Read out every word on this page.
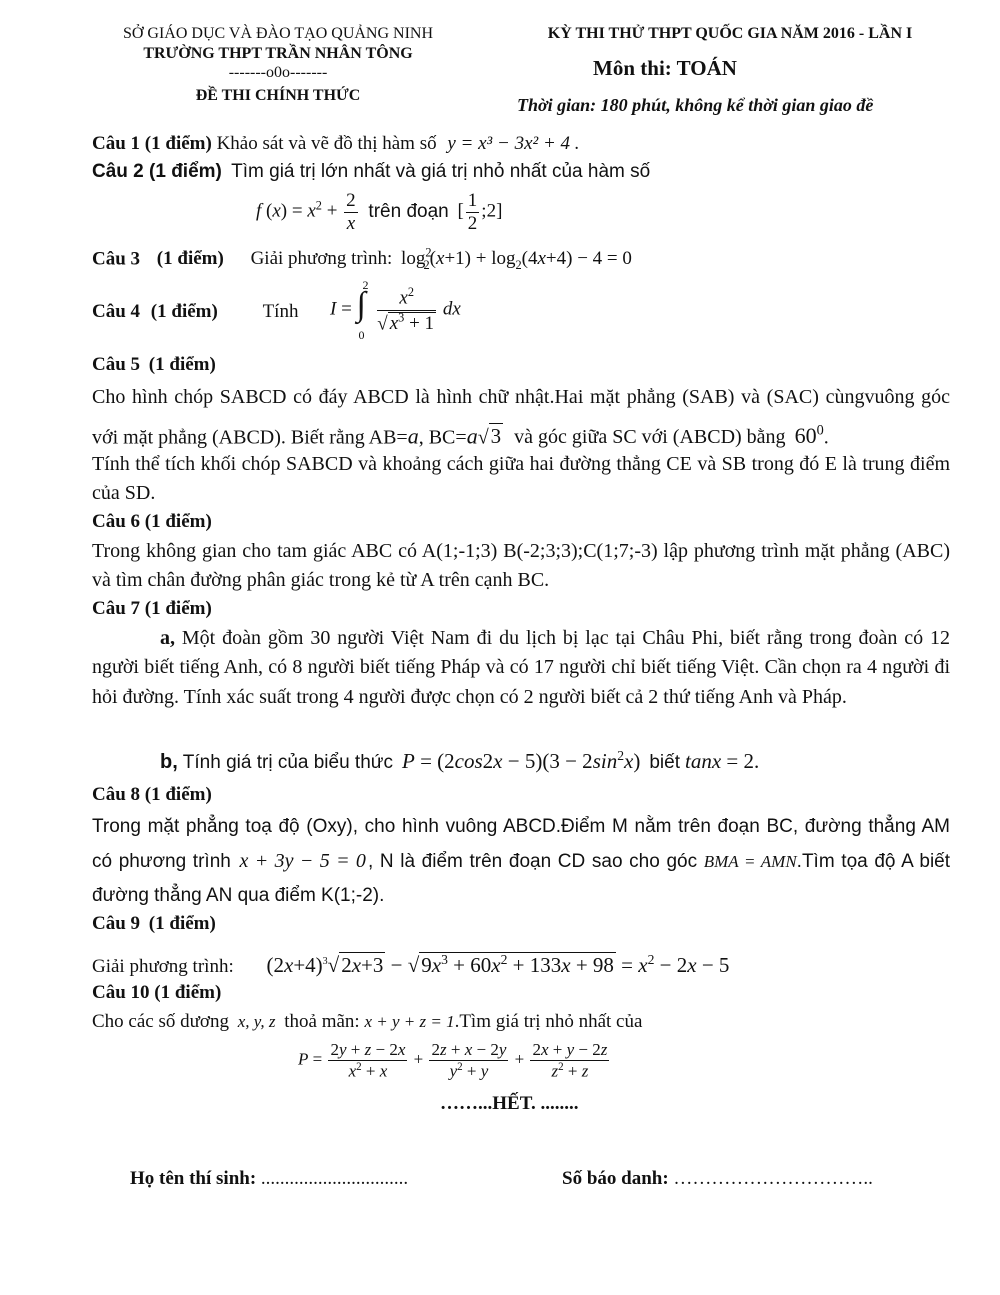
SỞ GIÁO DỤC VÀ ĐÀO TẠO QUẢNG NINH
TRƯỜNG THPT TRẦN NHÂN TÔNG
-------o0o-------
ĐỀ THI CHÍNH THỨC
KỲ THI THỬ THPT QUỐC GIA NĂM 2016 - LẦN I
Môn thi: TOÁN
Thời gian: 180 phút, không kể thời gian giao đề
Câu 1 (1 điểm) Khảo sát và vẽ đồ thị hàm số y = x³ − 3x² + 4 .
Câu 2 (1 điểm) Tìm giá trị lớn nhất và giá trị nhỏ nhất của hàm số
f $(x) = x^2 + \frac{2}{x}$ trên đoạn [ $\frac{1}{2}$ ;2]
Câu 3 (1 điểm) Giải phương trình: $\log^2_2(x+1) + \log_2(4x+4) - 4 = 0$
Câu 4 (1 điểm) Tính I = ∫
2
0

$\frac{x^2}{√ x^3 + 1}$ dx
Câu 5 (1 điểm)
Cho hình chóp SABCD có đáy ABCD là hình chữ nhật.Hai mặt phẳng (SAB) và (SAC) cùngvuông góc với mặt phẳng (ABCD). Biết rằng AB=a, BC=a√3 và góc giữa SC với (ABCD) bằng $60^0$.
Tính thể tích khối chóp SABCD và khoảng cách giữa hai đường thẳng CE và SB trong đó E là trung điểm của SD.
Câu 6 (1 điểm)
Trong không gian cho tam giác ABC có A(1;-1;3) B(-2;3;3);C(1;7;-3) lập phương trình mặt phẳng (ABC) và tìm chân đường phân giác trong kẻ từ A trên cạnh BC.
Câu 7 (1 điểm)
a, Một đoàn gồm 30 người Việt Nam đi du lịch bị lạc tại Châu Phi, biết rằng trong đoàn có 12 người biết tiếng Anh, có 8 người biết tiếng Pháp và có 17 người chỉ biết tiếng Việt. Cần chọn ra 4 người đi hỏi đường. Tính xác suất trong 4 người được chọn có 2 người biết cả 2 thứ tiếng Anh và Pháp.
b, Tính giá trị của biểu thức $P = (2\cos 2x - 5)(3 - 2\sin^2x)$ biết tanx = 2.
Câu 8 (1 điểm)
Trong mặt phẳng toạ độ (Oxy), cho hình vuông ABCD.Điểm M nằm trên đoạn BC, đường thẳng AM có phương trình x + 3y − 5 = 0 , N là điểm trên đoạn CD sao cho góc BMA = AMN.Tìm tọa độ A biết đường thẳng AN qua điểm K(1;-2).
Câu 9 (1 điểm)
Giải phương trình: $(2x+4)^3√2x+3 - √9x^3 + 60x^2 + 133x + 98 = x^2 - 2x - 5$
Câu 10 (1 điểm)
Cho các số dương x, y, z thoả mãn: x + y + z = 1.Tìm giá trị nhỏ nhất của
$P = \frac{2y + z - 2x}{x^2 + x} + \frac{2z + x - 2y}{y^2 + y} + \frac{2x + y - 2z}{z^2 + z}$
……...HẾT. ........
Họ tên thí sinh: ...............................	Số báo danh: …………………………..
